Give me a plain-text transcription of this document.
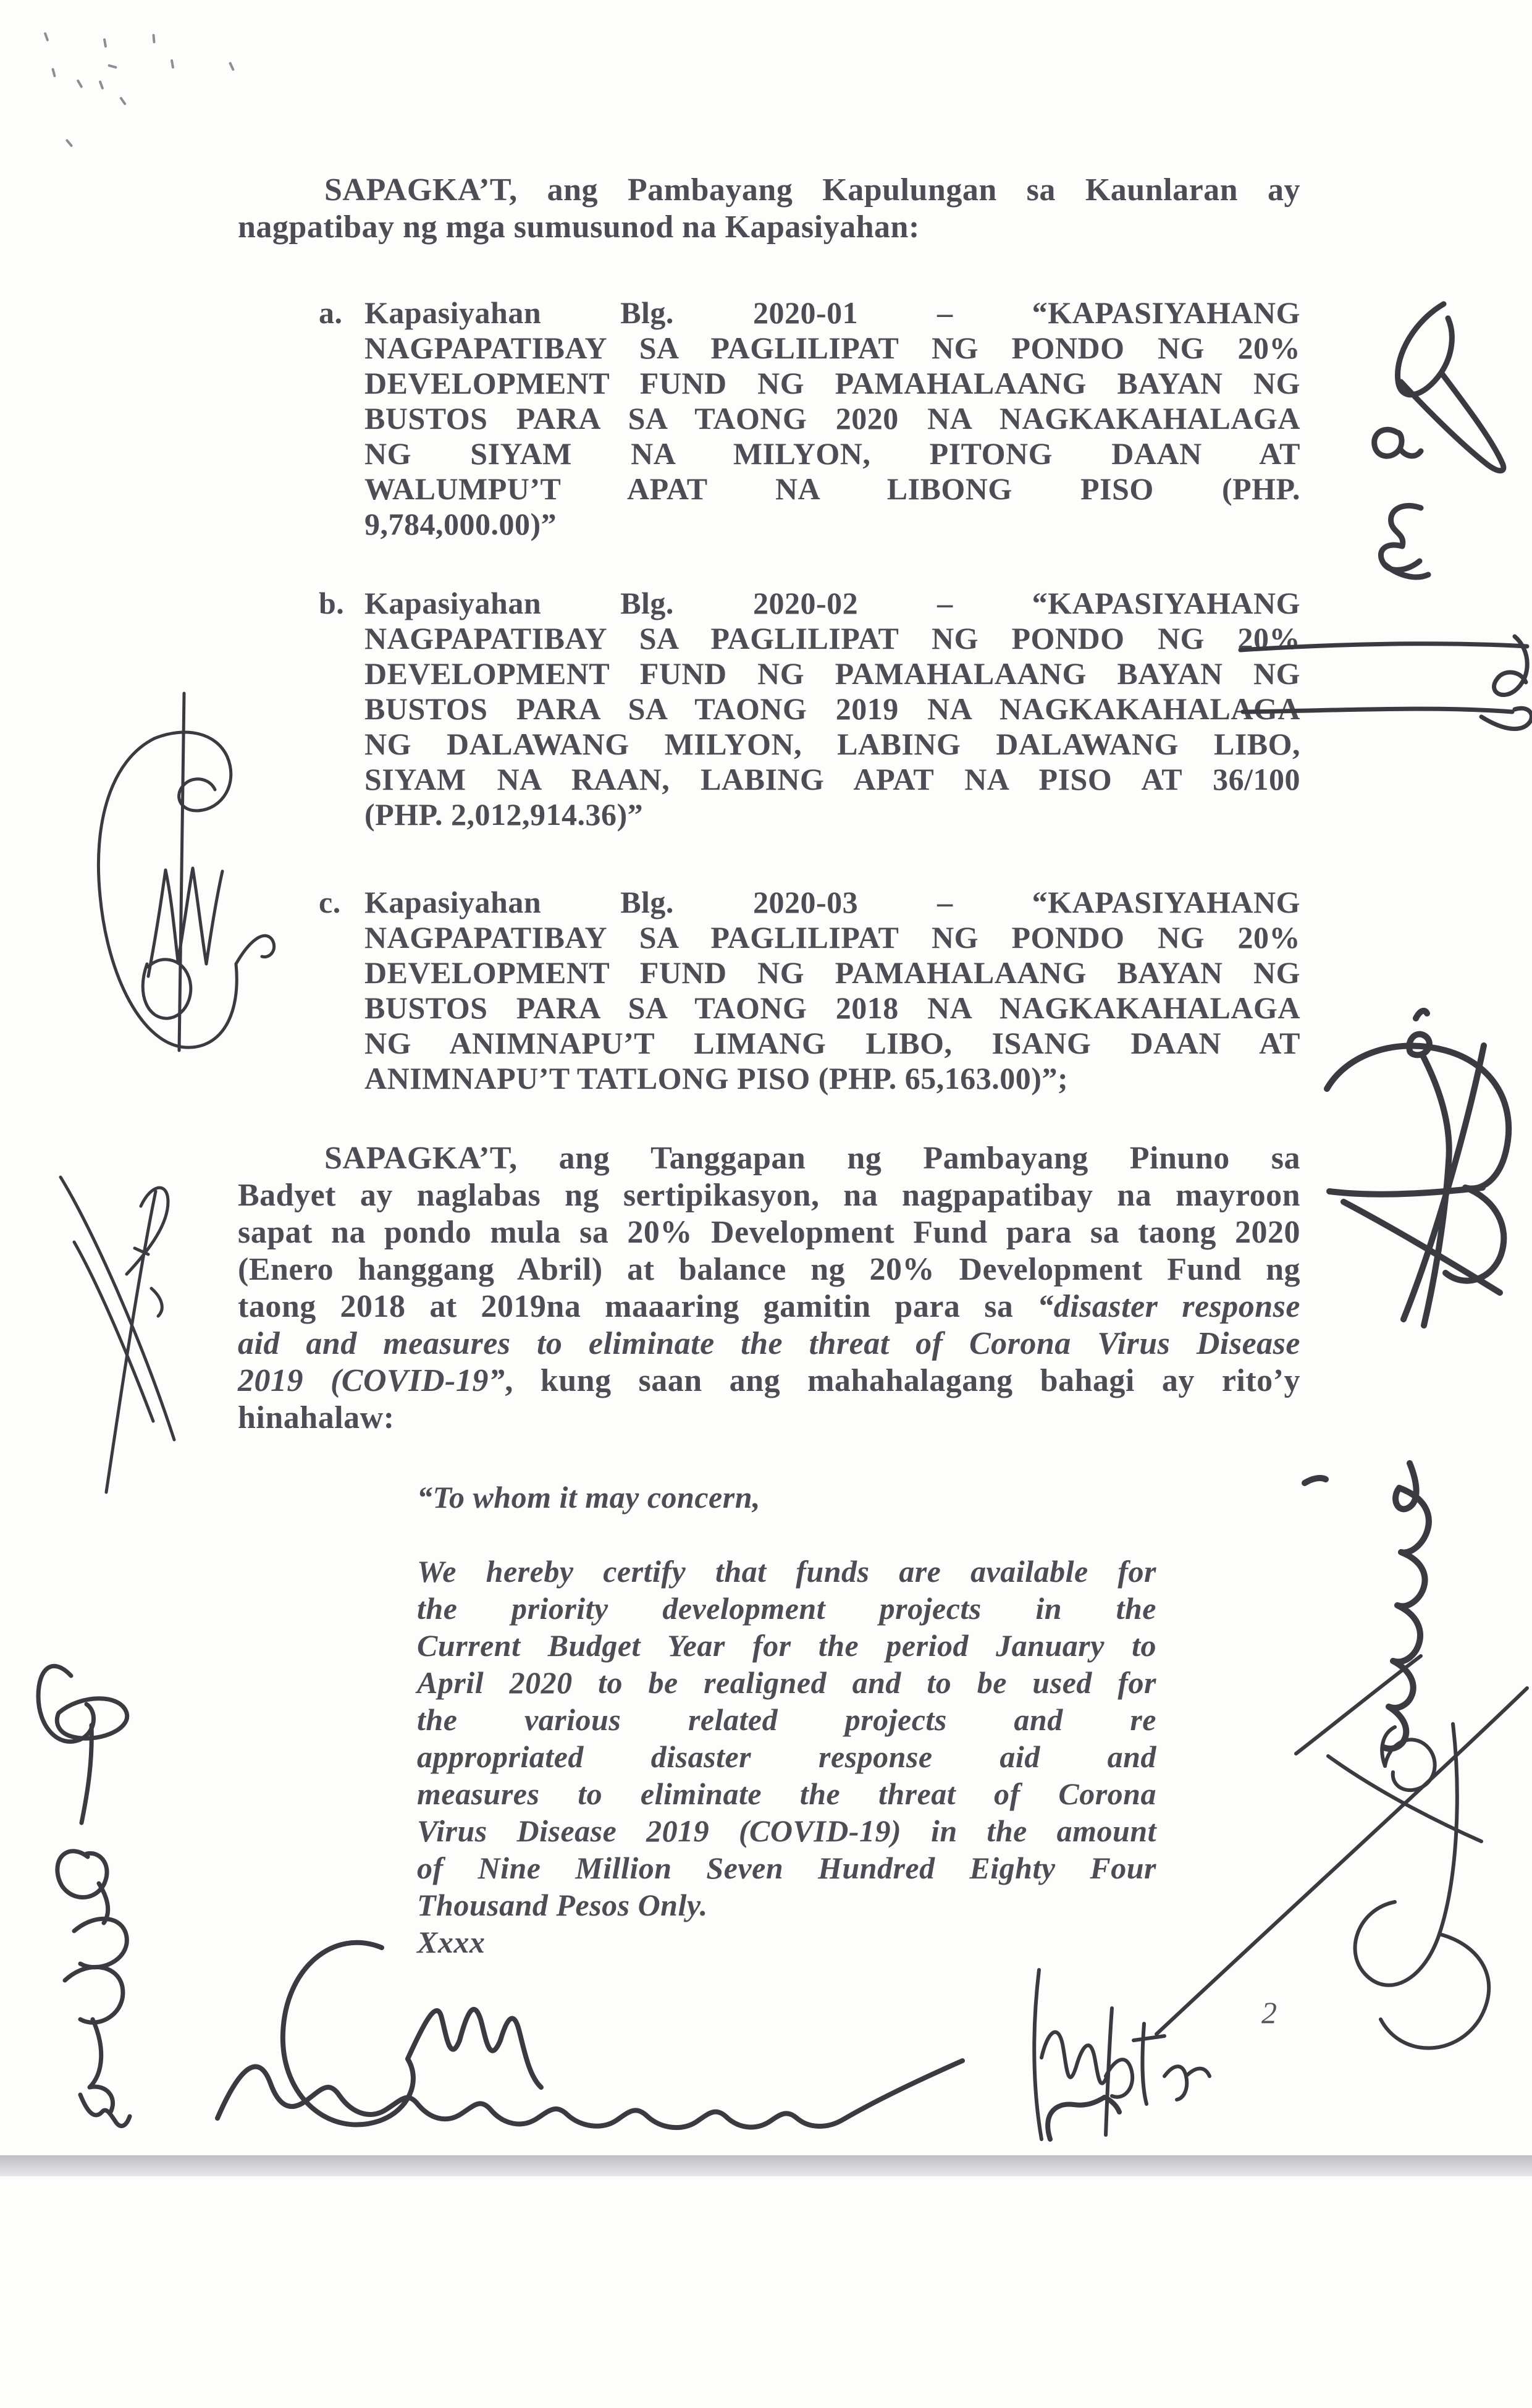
SAPAGKA’T, ang Pambayang Kapulungan sa Kaunlaran ay
nagpatibay ng mga sumusunod na Kapasiyahan:
a. Kapasiyahan Blg. 2020-01 – “KAPASIYAHANG
NAGPAPATIBAY SA PAGLILIPAT NG PONDO NG 20%
DEVELOPMENT FUND NG PAMAHALAANG BAYAN NG
BUSTOS PARA SA TAONG 2020 NA NAGKAKAHALAGA
NG SIYAM NA MILYON, PITONG DAAN AT
WALUMPU’T APAT NA LIBONG PISO (PHP.
9,784,000.00)”
b. Kapasiyahan Blg. 2020-02 – “KAPASIYAHANG
NAGPAPATIBAY SA PAGLILIPAT NG PONDO NG 20%
DEVELOPMENT FUND NG PAMAHALAANG BAYAN NG
BUSTOS PARA SA TAONG 2019 NA NAGKAKAHALAGA
NG DALAWANG MILYON, LABING DALAWANG LIBO,
SIYAM NA RAAN, LABING APAT NA PISO AT 36/100
(PHP. 2,012,914.36)”
c. Kapasiyahan Blg. 2020-03 – “KAPASIYAHANG
NAGPAPATIBAY SA PAGLILIPAT NG PONDO NG 20%
DEVELOPMENT FUND NG PAMAHALAANG BAYAN NG
BUSTOS PARA SA TAONG 2018 NA NAGKAKAHALAGA
NG ANIMNAPU’T LIMANG LIBO, ISANG DAAN AT
ANIMNAPU’T TATLONG PISO (PHP. 65,163.00)”;
SAPAGKA’T, ang Tanggapan ng Pambayang Pinuno sa
Badyet ay naglabas ng sertipikasyon, na nagpapatibay na mayroon
sapat na pondo mula sa 20% Development Fund para sa taong 2020
(Enero hanggang Abril) at balance ng 20% Development Fund ng
taong 2018 at 2019na maaaring gamitin para sa “disaster response
aid and measures to eliminate the threat of Corona Virus Disease
2019 (COVID-19”, kung saan ang mahahalagang bahagi ay rito’y
hinahalaw:
“To whom it may concern,

We hereby certify that funds are available for
the priority development projects in the
Current Budget Year for the period January to
April 2020 to be realigned and to be used for
the various related projects and re
appropriated disaster response aid and
measures to eliminate the threat of Corona
Virus Disease 2019 (COVID-19) in the amount
of Nine Million Seven Hundred Eighty Four
Thousand Pesos Only.
Xxxx
2
